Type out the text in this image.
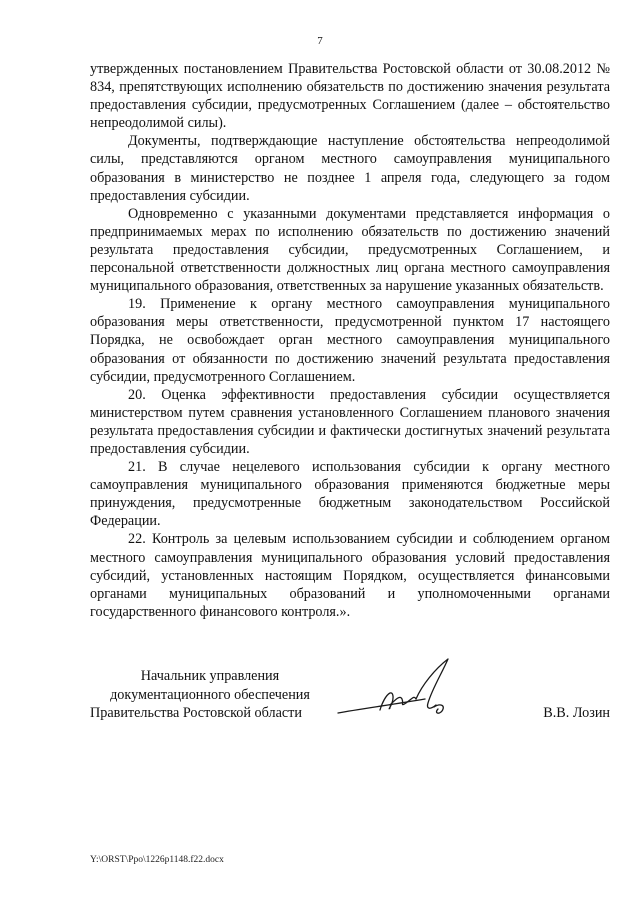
7

утвержденных постановлением Правительства Ростовской области от 30.08.2012 № 834, препятствующих исполнению обязательств по достижению значения результата предоставления субсидии, предусмотренных Соглашением (далее – обстоятельство непреодолимой силы).

Документы, подтверждающие наступление обстоятельства непреодолимой силы, представляются органом местного самоуправления муниципального образования в министерство не позднее 1 апреля года, следующего за годом предоставления субсидии.

Одновременно с указанными документами представляется информация о предпринимаемых мерах по исполнению обязательств по достижению значений результата предоставления субсидии, предусмотренных Соглашением, и персональной ответственности должностных лиц органа местного самоуправления муниципального образования, ответственных за нарушение указанных обязательств.

19. Применение к органу местного самоуправления муниципального образования меры ответственности, предусмотренной пунктом 17 настоящего Порядка, не освобождает орган местного самоуправления муниципального образования от обязанности по достижению значений результата предоставления субсидии, предусмотренного Соглашением.

20. Оценка эффективности предоставления субсидии осуществляется министерством путем сравнения установленного Соглашением планового значения результата предоставления субсидии и фактически достигнутых значений результата предоставления субсидии.

21. В случае нецелевого использования субсидии к органу местного самоуправления муниципального образования применяются бюджетные меры принуждения, предусмотренные бюджетным законодательством Российской Федерации.

22. Контроль за целевым использованием субсидии и соблюдением органом местного самоуправления муниципального образования условий предоставления субсидий, установленных настоящим Порядком, осуществляется финансовыми органами муниципальных образований и уполномоченными органами государственного финансового контроля.».

Начальник управления
документационного обеспечения
Правительства Ростовской области	В.В. Лозин
Y:\ORST\Ppo\1226p1148.f22.docx
